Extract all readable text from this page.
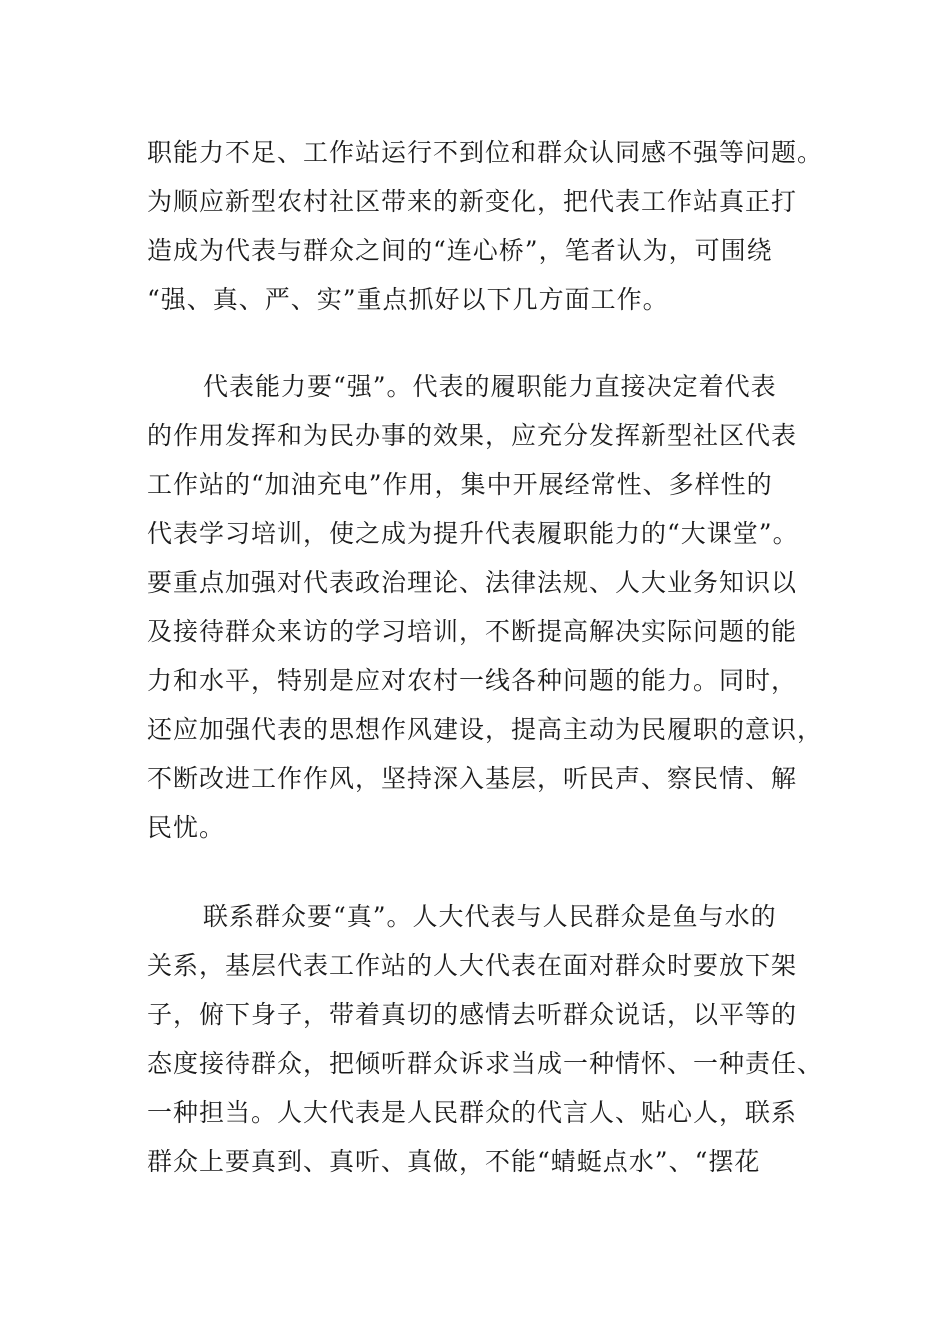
职能力不足、工作站运行不到位和群众认同感不强等问题。
为顺应新型农村社区带来的新变化，把代表工作站真正打
造成为代表与群众之间的“连心桥”，笔者认为，可围绕
“强、真、严、实”重点抓好以下几方面工作。
代表能力要“强”。代表的履职能力直接决定着代表
的作用发挥和为民办事的效果，应充分发挥新型社区代表
工作站的“加油充电”作用，集中开展经常性、多样性的
代表学习培训，使之成为提升代表履职能力的“大课堂”。
要重点加强对代表政治理论、法律法规、人大业务知识以
及接待群众来访的学习培训，不断提高解决实际问题的能
力和水平，特别是应对农村一线各种问题的能力。同时，
还应加强代表的思想作风建设，提高主动为民履职的意识，
不断改进工作作风，坚持深入基层，听民声、察民情、解
民忧。
联系群众要“真”。人大代表与人民群众是鱼与水的
关系，基层代表工作站的人大代表在面对群众时要放下架
子，俯下身子，带着真切的感情去听群众说话，以平等的
态度接待群众，把倾听群众诉求当成一种情怀、一种责任、
一种担当。人大代表是人民群众的代言人、贴心人，联系
群众上要真到、真听、真做，不能“蜻蜓点水”、“摆花
